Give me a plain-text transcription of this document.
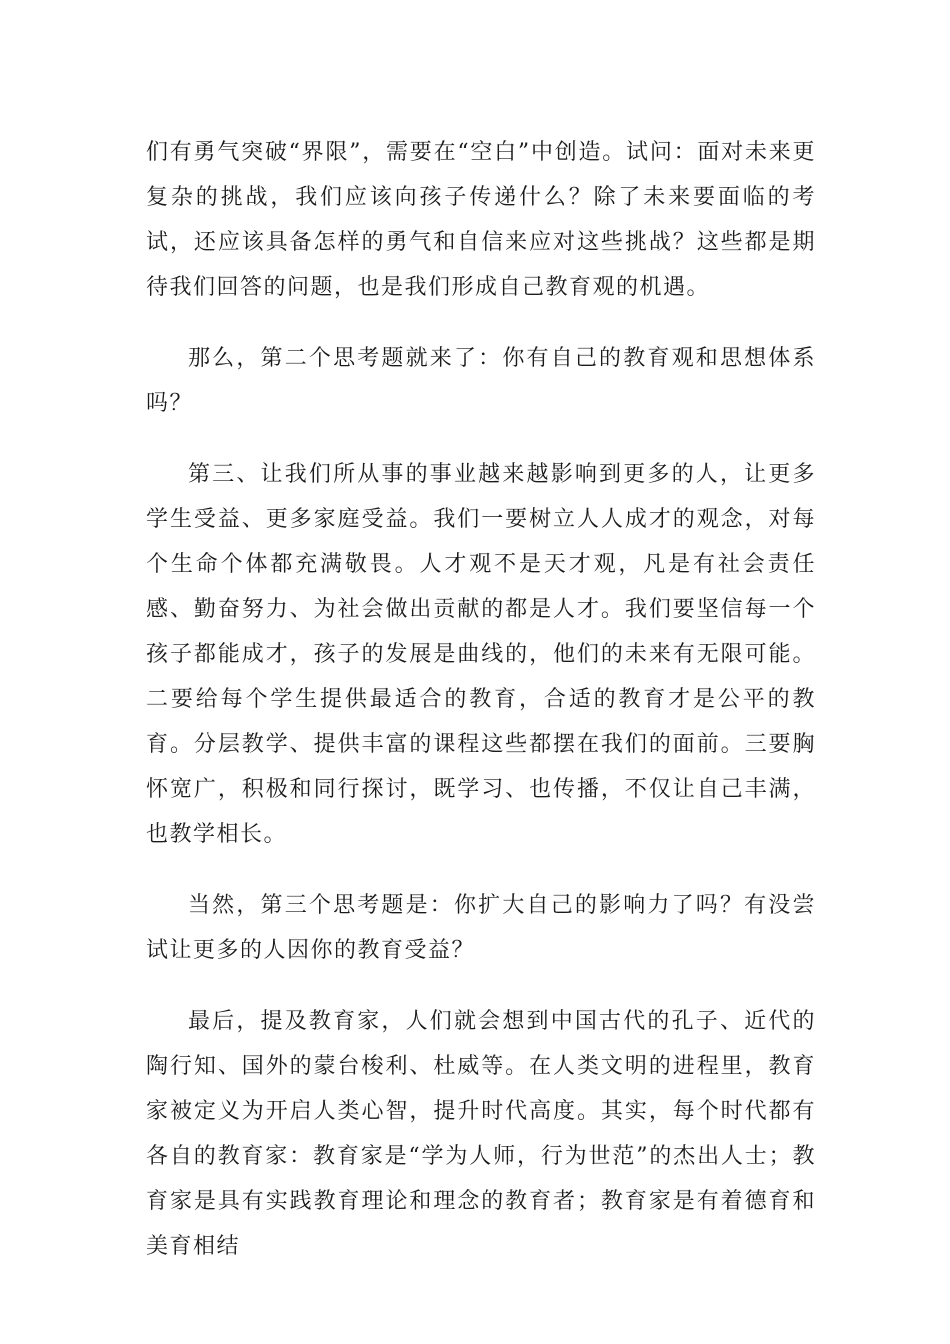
们有勇气突破“界限”，需要在“空白”中创造。试问：面对未来更复杂的挑战，我们应该向孩子传递什么？除了未来要面临的考试，还应该具备怎样的勇气和自信来应对这些挑战？这些都是期待我们回答的问题，也是我们形成自己教育观的机遇。

那么，第二个思考题就来了：你有自己的教育观和思想体系吗？

第三、让我们所从事的事业越来越影响到更多的人，让更多学生受益、更多家庭受益。我们一要树立人人成才的观念，对每个生命个体都充满敬畏。人才观不是天才观，凡是有社会责任感、勤奋努力、为社会做出贡献的都是人才。我们要坚信每一个孩子都能成才，孩子的发展是曲线的，他们的未来有无限可能。二要给每个学生提供最适合的教育，合适的教育才是公平的教育。分层教学、提供丰富的课程这些都摆在我们的面前。三要胸怀宽广，积极和同行探讨，既学习、也传播，不仅让自己丰满，也教学相长。

当然，第三个思考题是：你扩大自己的影响力了吗？有没尝试让更多的人因你的教育受益？

最后，提及教育家，人们就会想到中国古代的孔子、近代的陶行知、国外的蒙台梭利、杜威等。在人类文明的进程里，教育家被定义为开启人类心智，提升时代高度。其实，每个时代都有各自的教育家：教育家是“学为人师，行为世范”的杰出人士；教育家是具有实践教育理论和理念的教育者；教育家是有着德育和美育相结
